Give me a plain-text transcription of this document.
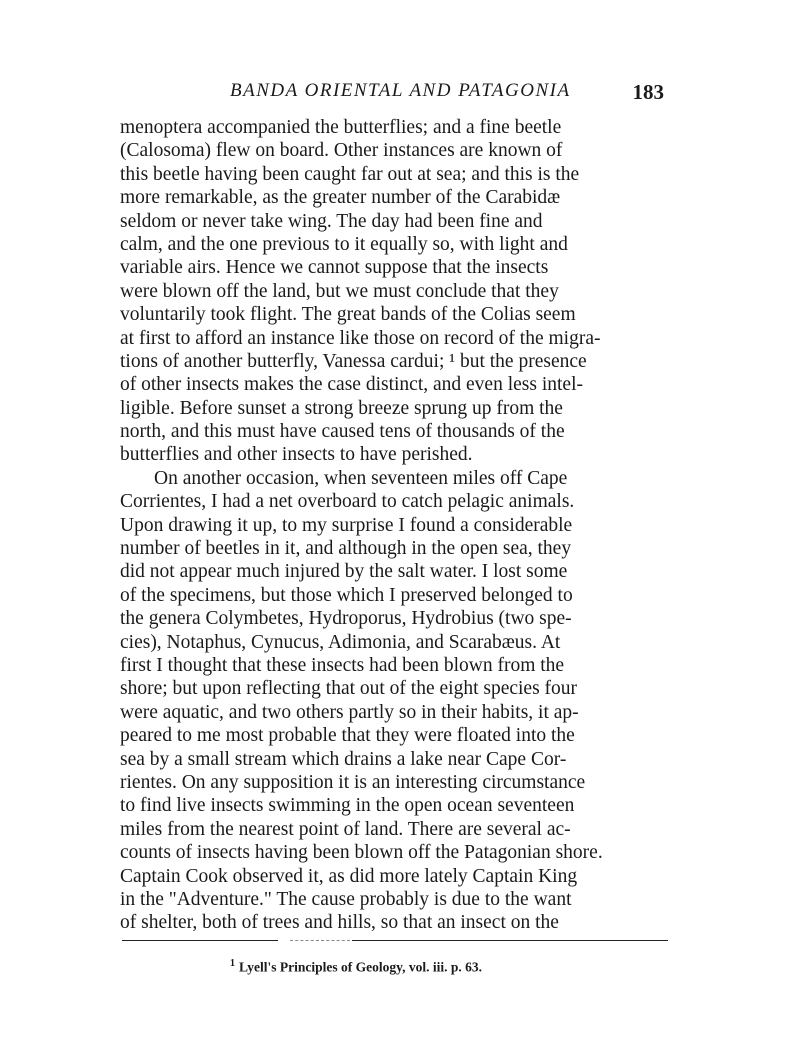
BANDA ORIENTAL AND PATAGONIA	183
menoptera accompanied the butterflies; and a fine beetle
(Calosoma) flew on board. Other instances are known of
this beetle having been caught far out at sea; and this is the
more remarkable, as the greater number of the Carabidæ
seldom or never take wing. The day had been fine and
calm, and the one previous to it equally so, with light and
variable airs. Hence we cannot suppose that the insects
were blown off the land, but we must conclude that they
voluntarily took flight. The great bands of the Colias seem
at first to afford an instance like those on record of the migra-
tions of another butterfly, Vanessa cardui; ¹ but the presence
of other insects makes the case distinct, and even less intel-
ligible. Before sunset a strong breeze sprung up from the
north, and this must have caused tens of thousands of the
butterflies and other insects to have perished.
On another occasion, when seventeen miles off Cape
Corrientes, I had a net overboard to catch pelagic animals.
Upon drawing it up, to my surprise I found a considerable
number of beetles in it, and although in the open sea, they
did not appear much injured by the salt water. I lost some
of the specimens, but those which I preserved belonged to
the genera Colymbetes, Hydroporus, Hydrobius (two spe-
cies), Notaphus, Cynucus, Adimonia, and Scarabæus. At
first I thought that these insects had been blown from the
shore; but upon reflecting that out of the eight species four
were aquatic, and two others partly so in their habits, it ap-
peared to me most probable that they were floated into the
sea by a small stream which drains a lake near Cape Cor-
rientes. On any supposition it is an interesting circumstance
to find live insects swimming in the open ocean seventeen
miles from the nearest point of land. There are several ac-
counts of insects having been blown off the Patagonian shore.
Captain Cook observed it, as did more lately Captain King
in the "Adventure." The cause probably is due to the want
of shelter, both of trees and hills, so that an insect on the
$^1$ Lyell's Principles of Geology, vol. iii. p. 63.
